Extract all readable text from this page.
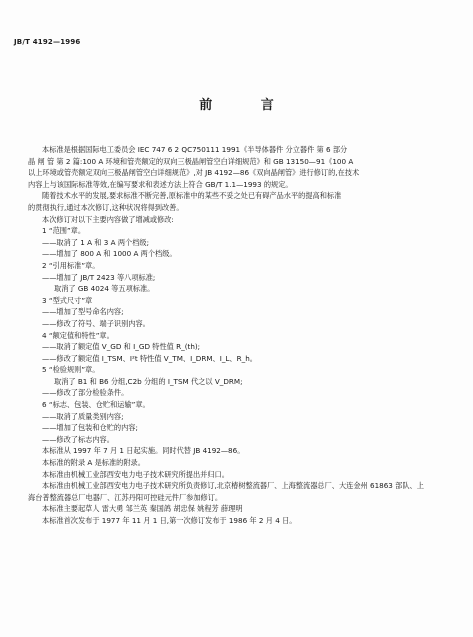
JB/T 4192—1996
前 言

本标准是根据国际电工委员会 IEC 747 6 2 QC750111 1991《半导体器件 分立器件 第 6 部分

晶 闸 管 第 2 篇:100 A 环境和管壳额定的双向三极晶闸管空白详细规范》和 GB 13150—91《100 A

以上环境或管壳额定双向三极晶闸管空白详细规范》,对 JB 4192—86《双向晶闸管》进行修订的,在技术

内容上与该国际标准等效,在编写要求和表述方法上符合 GB/T 1.1—1993 的规定。

随着技术水平的发展,要求标准不断完善,原标准中的某些不妥之处已有碍产品水平的提高和标准

的贯彻执行,通过本次修订,这种状况将得到改善。

本次修订对以下主要内容做了增减或修改:

1 “范围”章。

——取消了 1 A 和 3 A 两个档级;

——增加了 800 A 和 1000 A 两个档级。

2 “引用标准”章。

——增加了 JB/T 2423 等八项标准;

取消了 GB 4024 等五项标准。

3 “型式尺寸”章

——增加了型号命名内容;

——修改了符号、端子识别内容。

4 “额定值和特性”章。

——取消了额定值 V_GD 和 I_GD 特性值 R_(th);

——修改了额定值 I_TSM、I²t 特性值 V_TM、I_DRM、I_L、R_h。

5 “检验规则”章。

取消了 B1 和 B6 分组,C2b 分组的 I_TSM 代之以 V_DRM;

——修改了部分检验条件。

6 “标志、包装、仓贮和运输”章。

——取消了质量类别内容;

——增加了包装和仓贮的内容;

——修改了标志内容。

本标准从 1997 年 7 月 1 日起实施。同时代替 JB 4192—86。

本标准的附录 A 是标准的附录。

本标准由机械工业部西安电力电子技术研究所提出并归口。

本标准由机械工业部西安电力电子技术研究所负责修订,北京椿树整流器厂、上海整流器总厂、大连金州 61863 部队、上

海台普整流器总厂电器厂、江苏丹阳可控硅元件厂参加修订。

本标准主要起草人 雷大勇 邹兰英 秦国鸽 胡忠保 姚程芳 薛理明

本标准首次发布于 1977 年 11 月 1 日,第一次修订发布于 1986 年 2 月 4 日。
